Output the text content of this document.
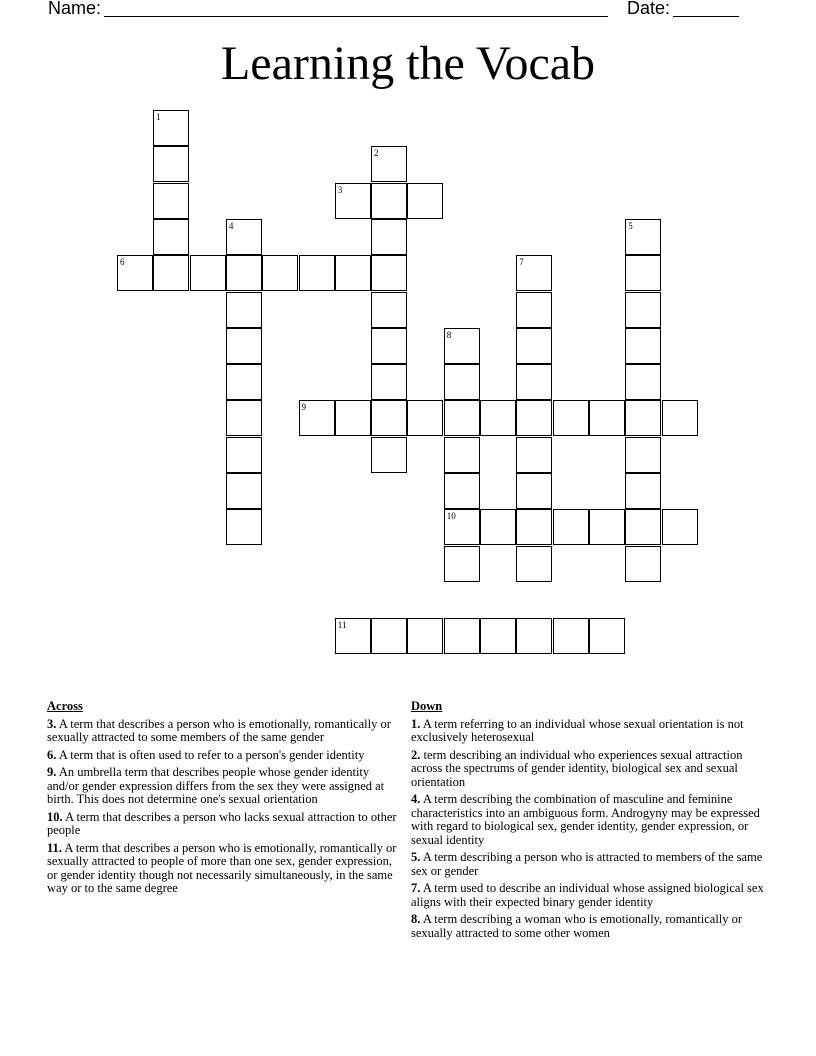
Name:	Date:
Learning the Vocab
1
2
3
4	5
6	7
8
10
9
11
Across
3. A term that describes a person who is emotionally, romantically or sexually attracted to some members of the same gender
6. A term that is often used to refer to a person's gender identity
9. An umbrella term that describes people whose gender identity and/or gender expression differs from the sex they were assigned at birth. This does not determine one's sexual orientation
10. A term that describes a person who lacks sexual attraction to other people
11. A term that describes a person who is emotionally, romantically or sexually attracted to people of more than one sex, gender expression, or gender identity though not necessarily simultaneously, in the same way or to the same degree
Down
1. A term referring to an individual whose sexual orientation is not exclusively heterosexual
2. term describing an individual who experiences sexual attraction across the spectrums of gender identity, biological sex and sexual orientation
4. A term describing the combination of masculine and feminine characteristics into an ambiguous form. Androgyny may be expressed with regard to biological sex, gender identity, gender expression, or sexual identity
5. A term describing a person who is attracted to members of the same sex or gender
7. A term used to describe an individual whose assigned biological sex aligns with their expected binary gender identity
8. A term describing a woman who is emotionally, romantically or sexually attracted to some other women
